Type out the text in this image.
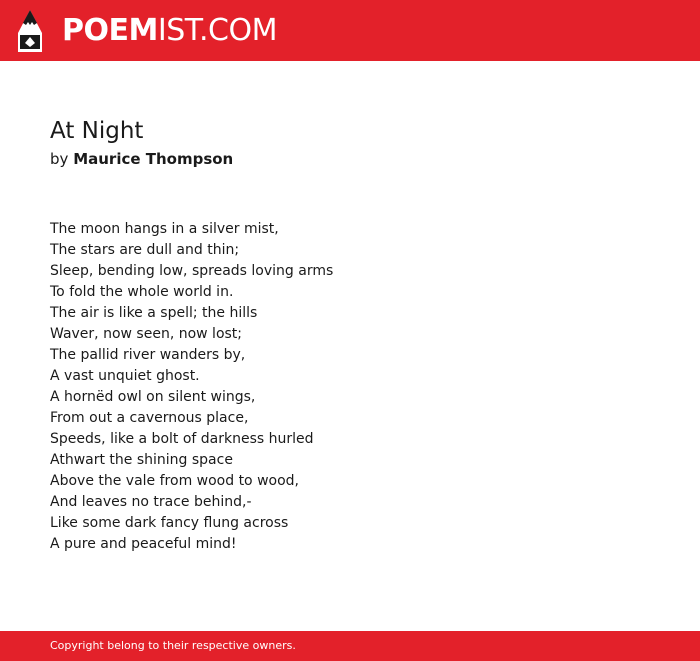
POEMIST.COM
At Night
by Maurice Thompson
The moon hangs in a silver mist,
The stars are dull and thin;
Sleep, bending low, spreads loving arms
To fold the whole world in.
The air is like a spell; the hills
Waver, now seen, now lost;
The pallid river wanders by,
A vast unquiet ghost.
A hornëd owl on silent wings,
From out a cavernous place,
Speeds, like a bolt of darkness hurled
Athwart the shining space
Above the vale from wood to wood,
And leaves no trace behind,-
Like some dark fancy flung across
A pure and peaceful mind!
Copyright belong to their respective owners.
